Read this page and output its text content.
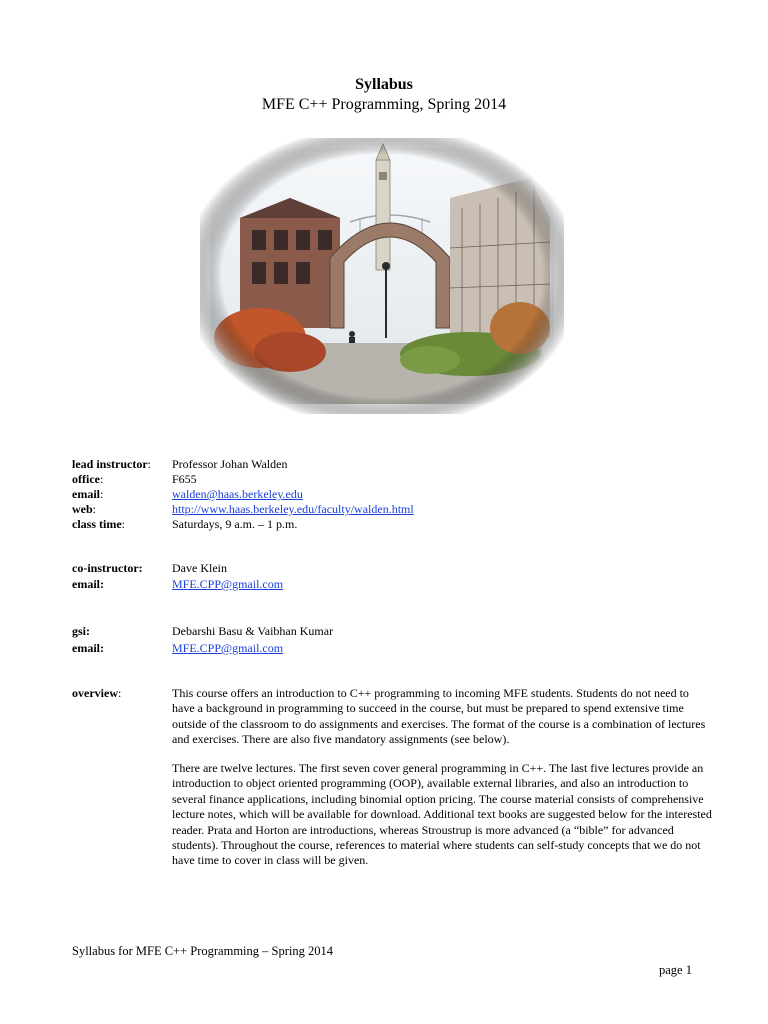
Syllabus
MFE C++ Programming, Spring 2014
lead instructor: Professor Johan Walden
office:	F655
email:	walden@haas.berkeley.edu
web:	http://www.haas.berkeley.edu/faculty/walden.html
class time:	Saturdays, 9 a.m. – 1 p.m.
co-instructor: Dave Klein
email:	MFE.CPP@gmail.com
gsi:	Debarshi Basu & Vaibhan Kumar
email:	MFE.CPP@gmail.com
overview:	This course offers an introduction to C++ programming to incoming MFE students. Students do not need to have a background in programming to succeed in the course, but must be prepared to spend extensive time outside of the classroom to do assignments and exercises. The format of the course is a combination of lectures and exercises. There are also five mandatory assignments (see below).
There are twelve lectures. The first seven cover general programming in C++. The last five lectures provide an introduction to object oriented programming (OOP), available external libraries, and also an introduction to several finance applications, including binomial option pricing. The course material consists of comprehensive lecture notes, which will be available for download. Additional text books are suggested below for the interested reader. Prata and Horton are introductions, whereas Stroustrup is more advanced (a “bible” for advanced students). Throughout the course, references to material where students can self-study concepts that we do not have time to cover in class will be given.
Syllabus for MFE C++ Programming – Spring 2014
page 1
